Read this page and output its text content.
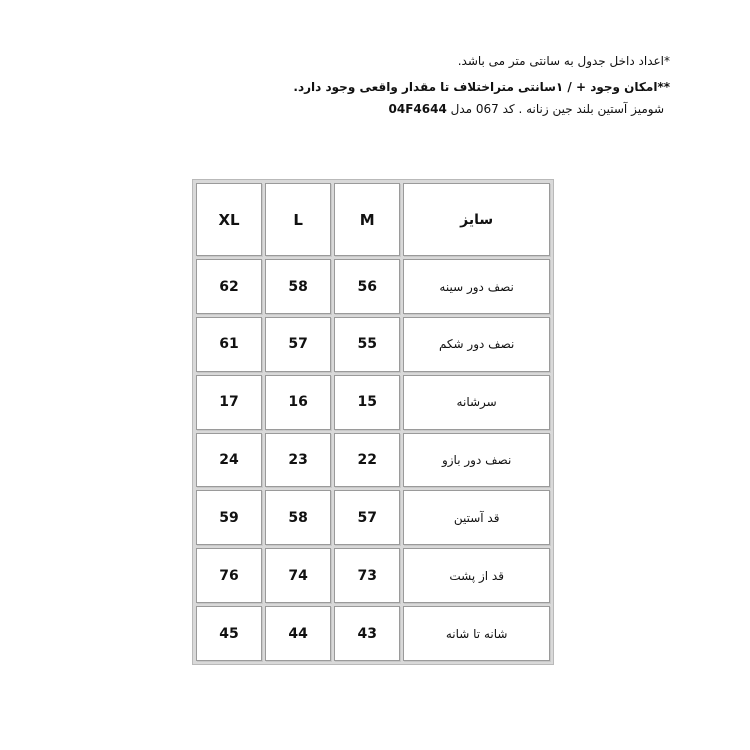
*اعداد داخل جدول به سانتی متر می باشد.
**امکان وجود + / ۱سانتی متراختلاف تا مقدار واقعی وجود دارد.
شومیز آستین بلند جین زنانه . کد 067 مدل 04F4644
XL	L	M	سایز
62	58	56	نصف دور سینه
61	57	55	نصف دور شکم
17	16	15	سرشانه
24	23	22	نصف دور بازو
59	58	57	قد آستین
76	74	73	قد از پشت
45	44	43	شانه تا شانه
